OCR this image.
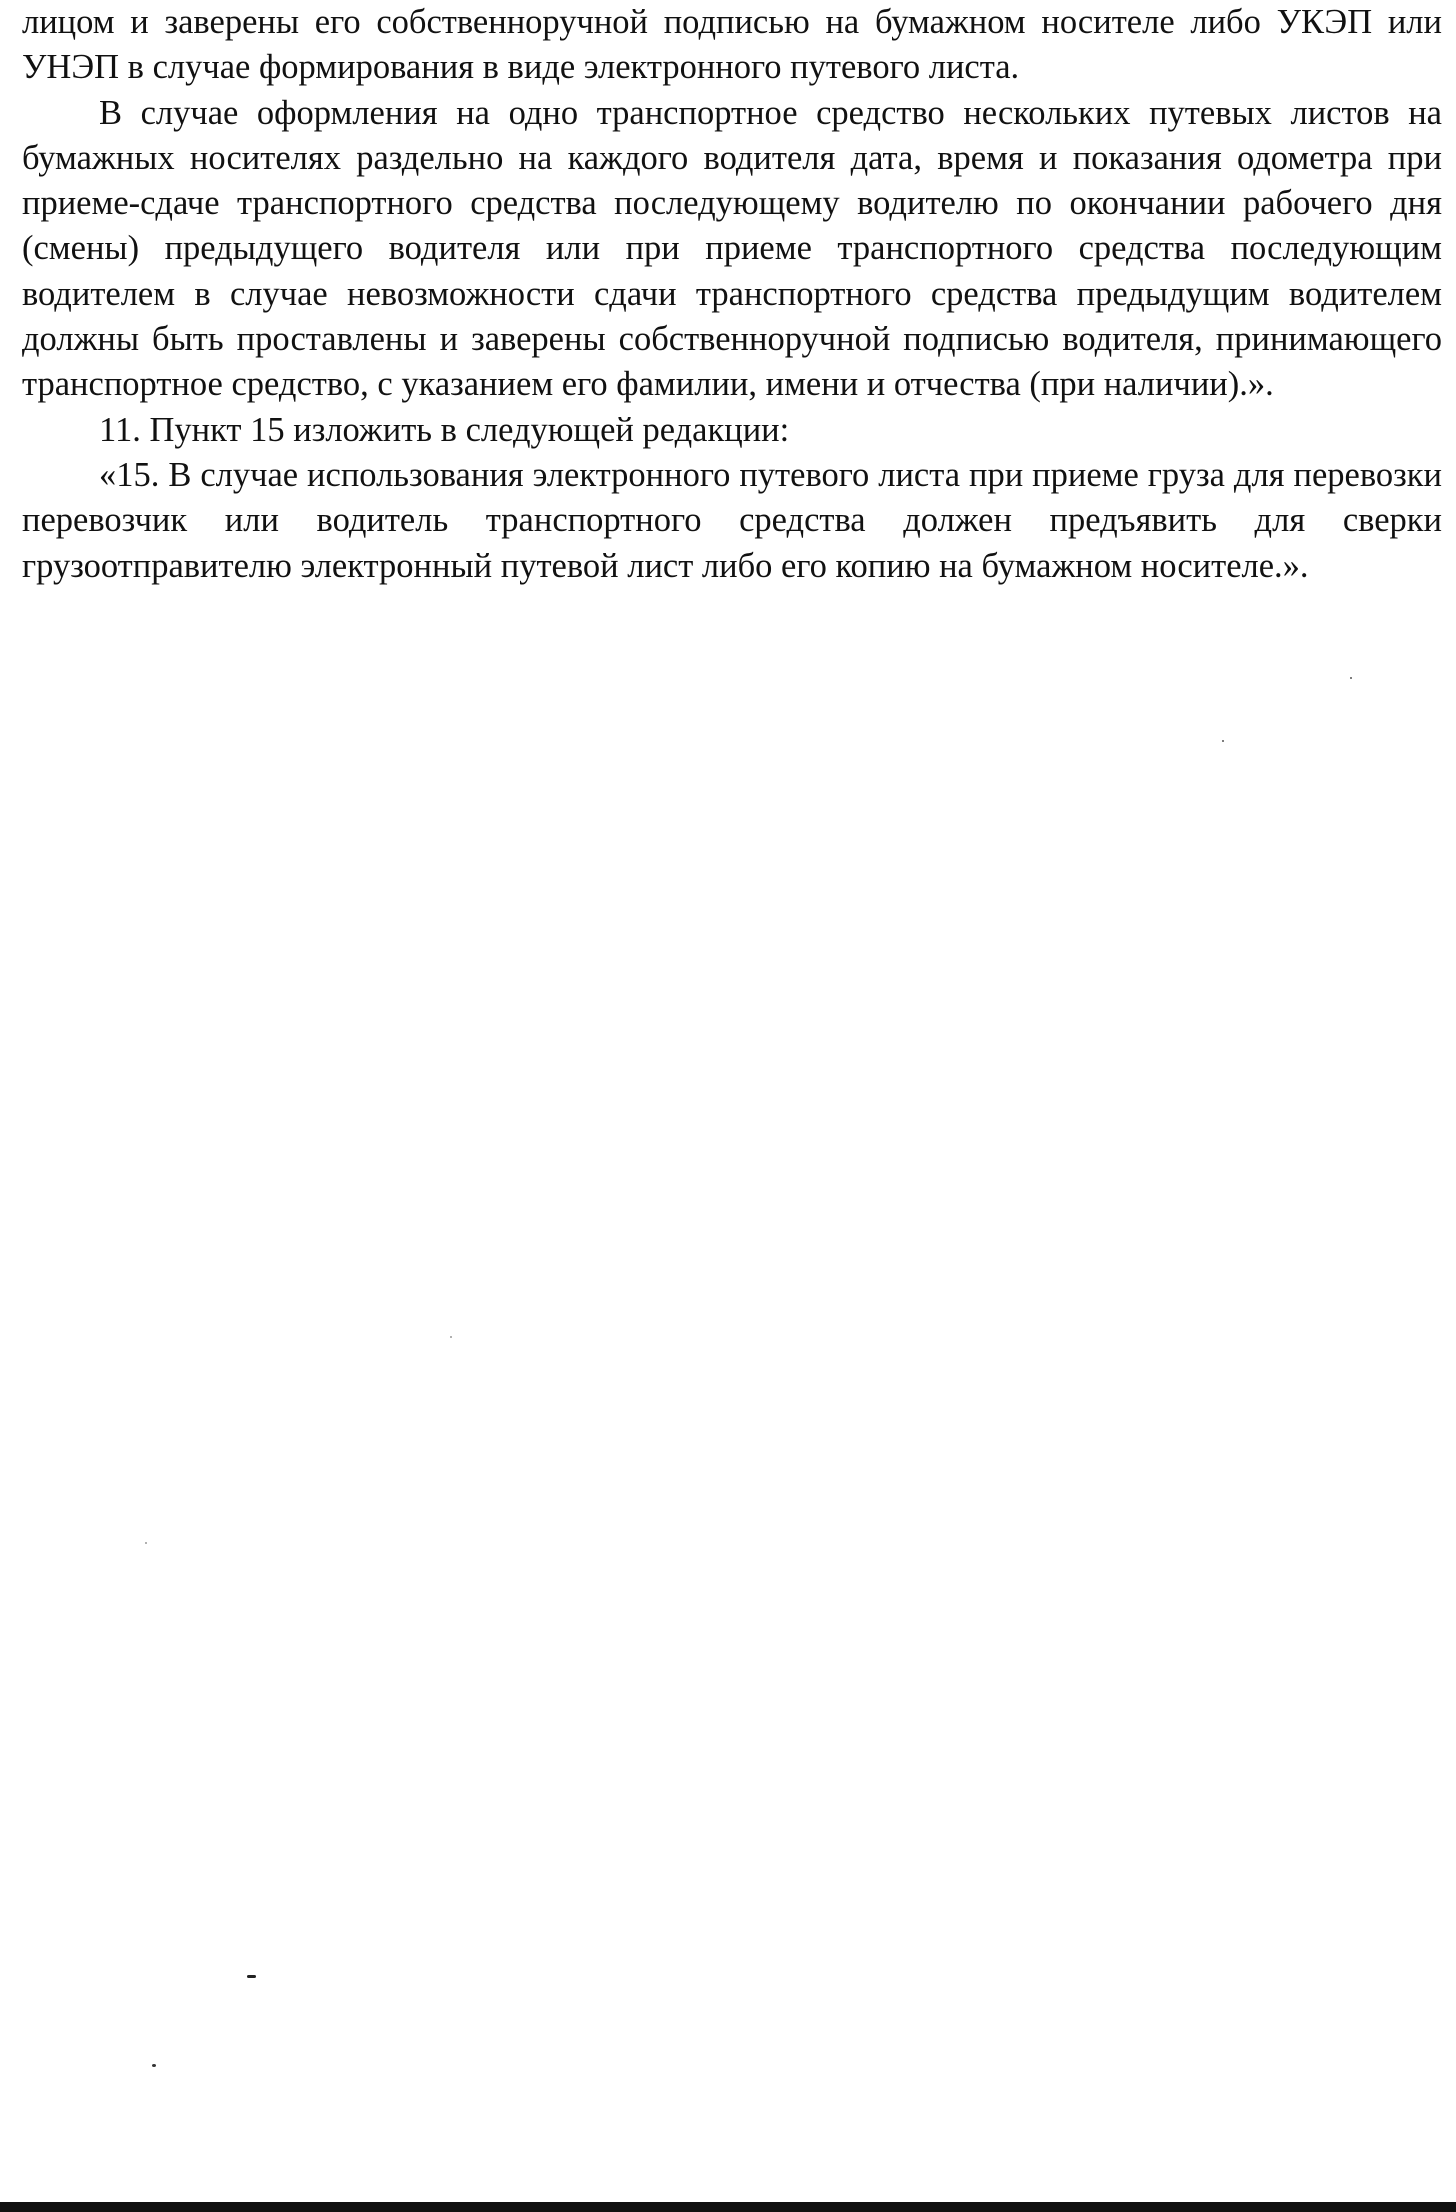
лицом и заверены его собственноручной подписью на бумажном носителе либо УКЭП или УНЭП в случае формирования в виде электронного путевого листа.

В случае оформления на одно транспортное средство нескольких путевых листов на бумажных носителях раздельно на каждого водителя дата, время и показания одометра при приеме-сдаче транспортного средства последующему водителю по окончании рабочего дня (смены) предыдущего водителя или при приеме транспортного средства последующим водителем в случае невозможности сдачи транспортного средства предыдущим водителем должны быть проставлены и заверены собственноручной подписью водителя, принимающего транспортное средство, с указанием его фамилии, имени и отчества (при наличии).».

11. Пункт 15 изложить в следующей редакции:

«15. В случае использования электронного путевого листа при приеме груза для перевозки перевозчик или водитель транспортного средства должен предъявить для сверки грузоотправителю электронный путевой лист либо его копию на бумажном носителе.».
